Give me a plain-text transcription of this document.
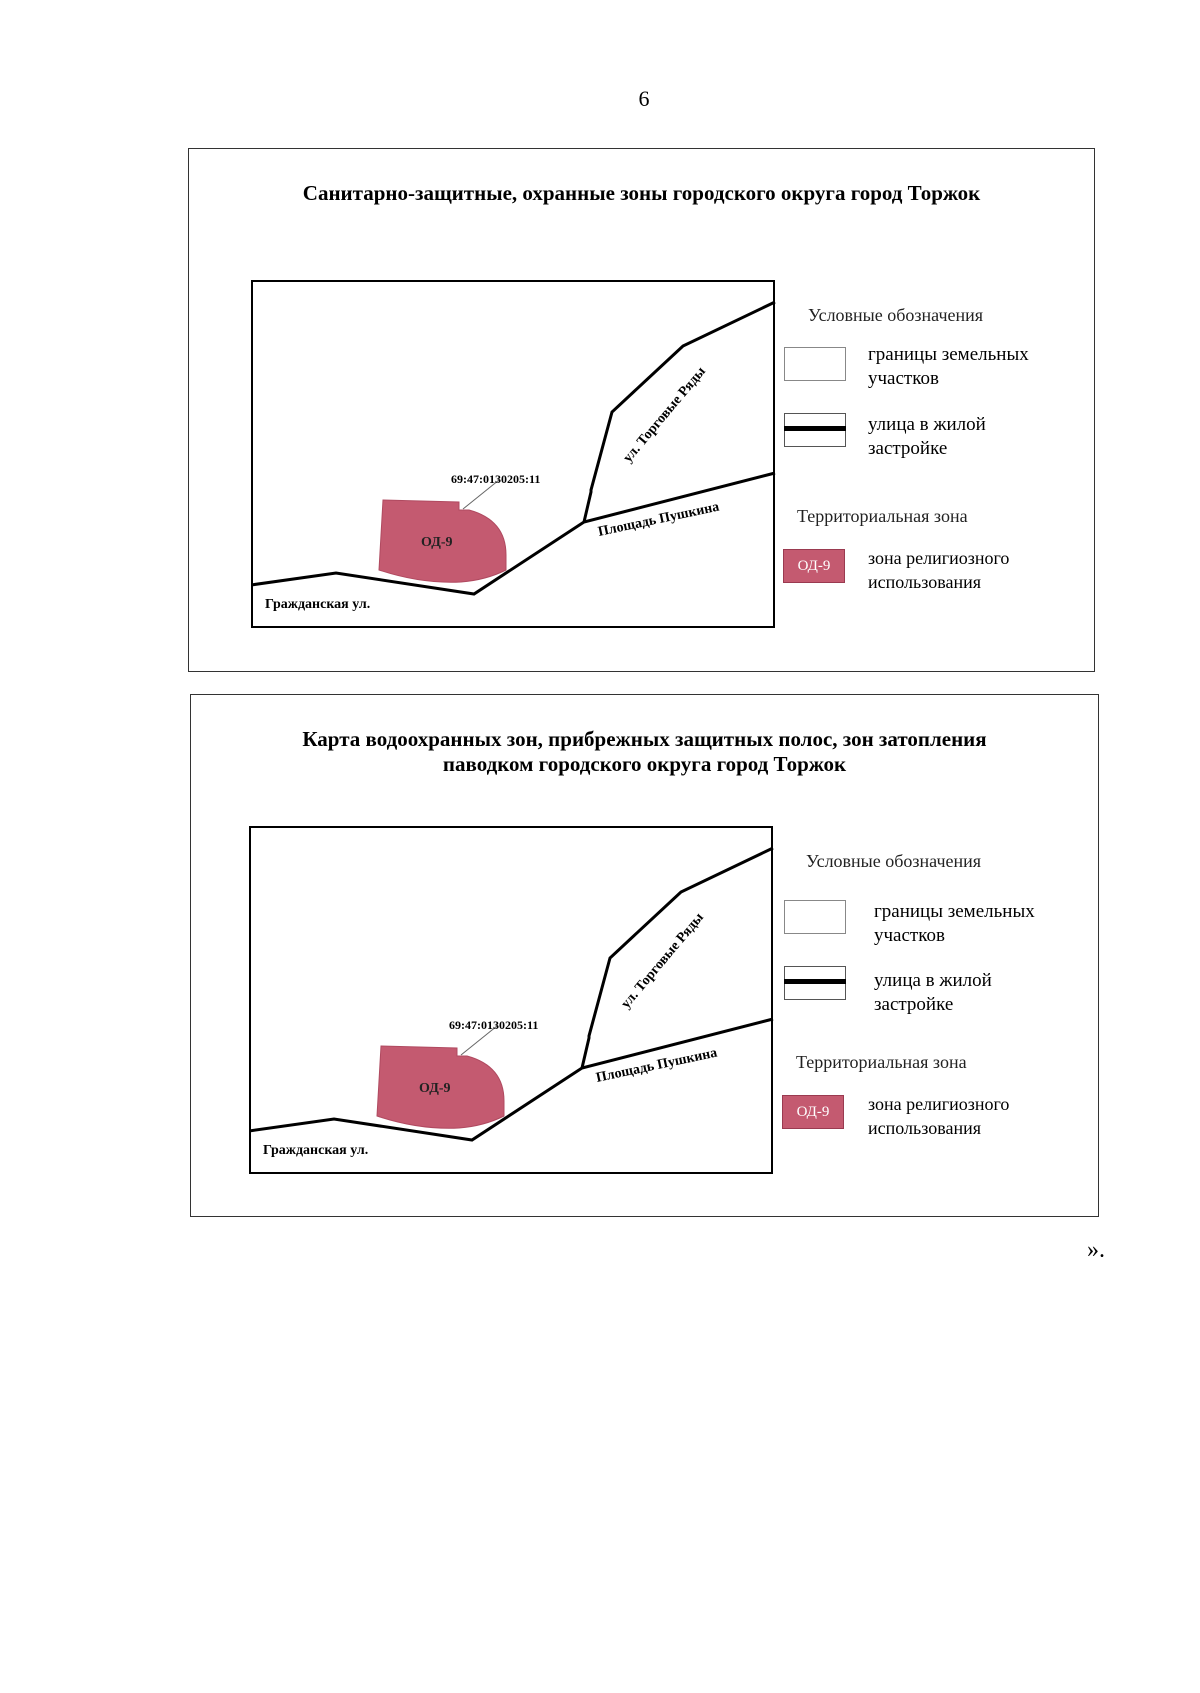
6
Санитарно-защитные, охранные зоны городского округа город Торжок
69:47:0130205:11
ОД-9
ул. Торговые Ряды
Площадь Пушкина
Гражданская ул.
Условные обозначения
границы земельных
участков
улица в жилой
застройке
Территориальная зона
ОД-9	зона религиозного
использования
Карта водоохранных зон, прибрежных защитных полос, зон затопления
паводком городского округа город Торжок
69:47:0130205:11
ОД-9
ул. Торговые Ряды
Площадь Пушкина
Гражданская ул.
Условные обозначения
границы земельных
участков
улица в жилой
застройке
Территориальная зона
ОД-9	зона религиозного
использования
».
